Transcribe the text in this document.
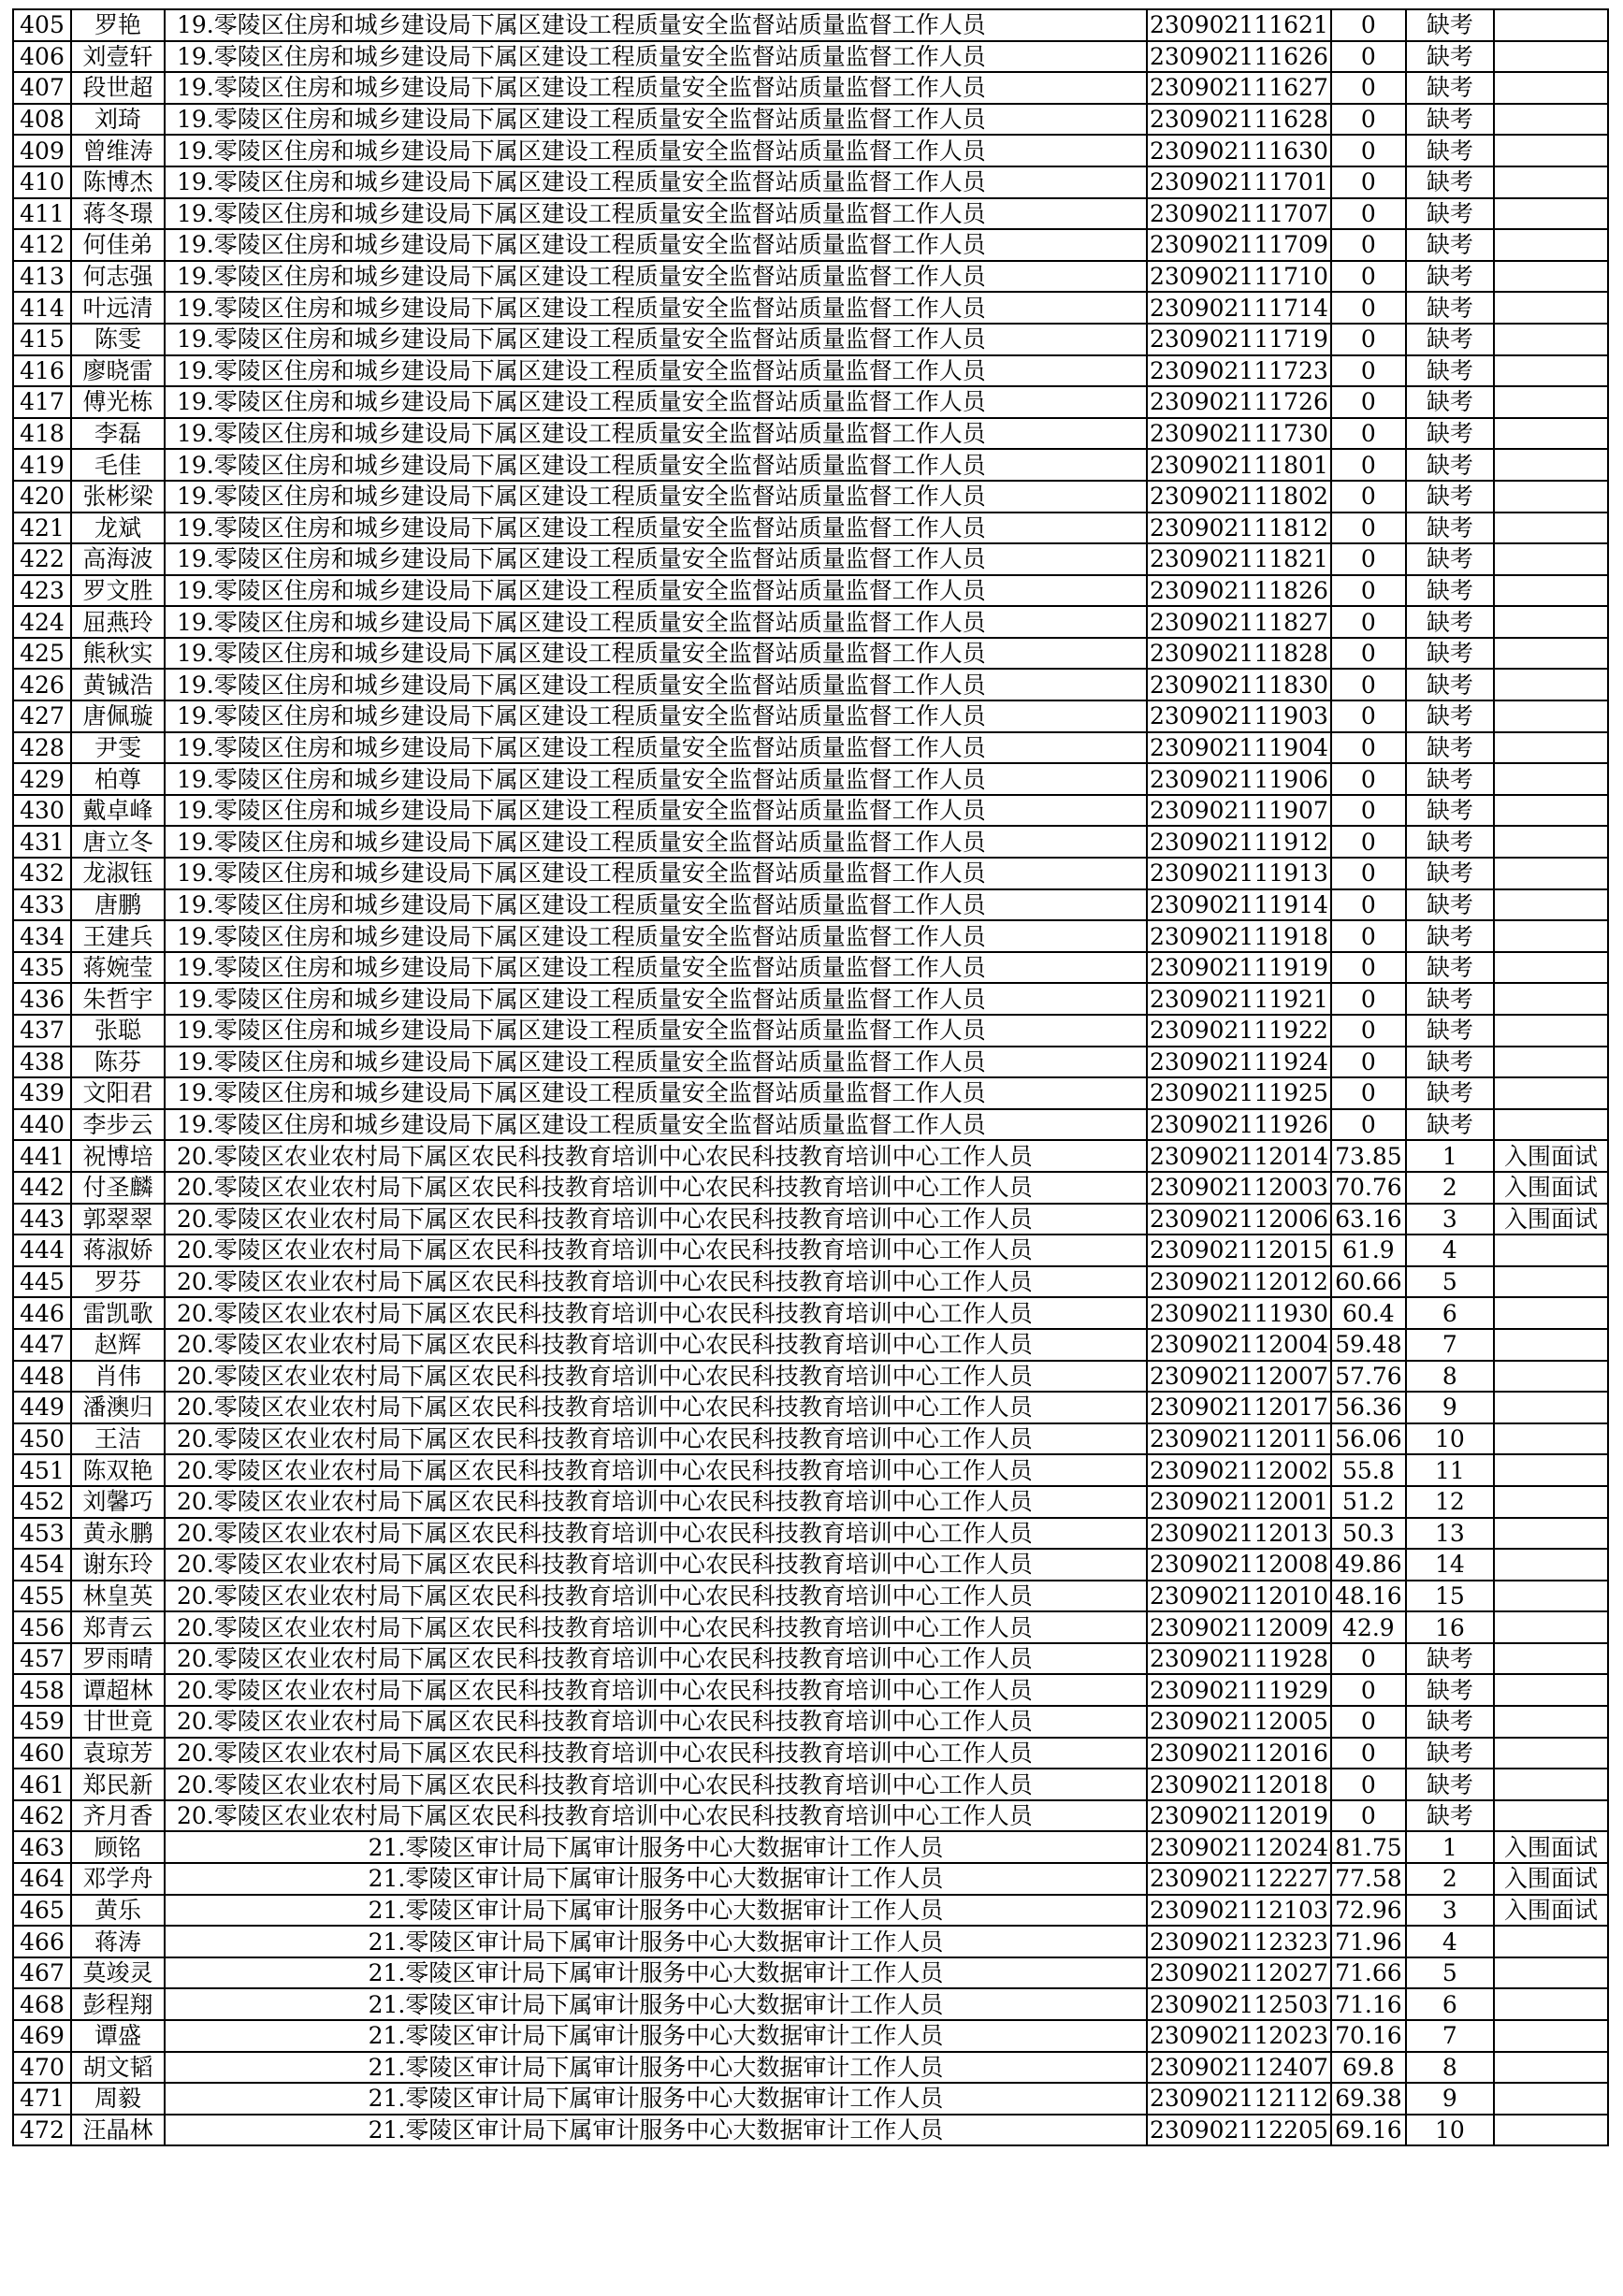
405	罗艳	19.零陵区住房和城乡建设局下属区建设工程质量安全监督站质量监督工作人员	230902111621	0	缺考	
406	刘壹轩	19.零陵区住房和城乡建设局下属区建设工程质量安全监督站质量监督工作人员	230902111626	0	缺考	
407	段世超	19.零陵区住房和城乡建设局下属区建设工程质量安全监督站质量监督工作人员	230902111627	0	缺考	
408	刘琦	19.零陵区住房和城乡建设局下属区建设工程质量安全监督站质量监督工作人员	230902111628	0	缺考	
409	曾维涛	19.零陵区住房和城乡建设局下属区建设工程质量安全监督站质量监督工作人员	230902111630	0	缺考	
410	陈博杰	19.零陵区住房和城乡建设局下属区建设工程质量安全监督站质量监督工作人员	230902111701	0	缺考	
411	蒋冬璟	19.零陵区住房和城乡建设局下属区建设工程质量安全监督站质量监督工作人员	230902111707	0	缺考	
412	何佳弟	19.零陵区住房和城乡建设局下属区建设工程质量安全监督站质量监督工作人员	230902111709	0	缺考	
413	何志强	19.零陵区住房和城乡建设局下属区建设工程质量安全监督站质量监督工作人员	230902111710	0	缺考	
414	叶远清	19.零陵区住房和城乡建设局下属区建设工程质量安全监督站质量监督工作人员	230902111714	0	缺考	
415	陈雯	19.零陵区住房和城乡建设局下属区建设工程质量安全监督站质量监督工作人员	230902111719	0	缺考	
416	廖晓雷	19.零陵区住房和城乡建设局下属区建设工程质量安全监督站质量监督工作人员	230902111723	0	缺考	
417	傅光栋	19.零陵区住房和城乡建设局下属区建设工程质量安全监督站质量监督工作人员	230902111726	0	缺考	
418	李磊	19.零陵区住房和城乡建设局下属区建设工程质量安全监督站质量监督工作人员	230902111730	0	缺考	
419	毛佳	19.零陵区住房和城乡建设局下属区建设工程质量安全监督站质量监督工作人员	230902111801	0	缺考	
420	张彬梁	19.零陵区住房和城乡建设局下属区建设工程质量安全监督站质量监督工作人员	230902111802	0	缺考	
421	龙斌	19.零陵区住房和城乡建设局下属区建设工程质量安全监督站质量监督工作人员	230902111812	0	缺考	
422	高海波	19.零陵区住房和城乡建设局下属区建设工程质量安全监督站质量监督工作人员	230902111821	0	缺考	
423	罗文胜	19.零陵区住房和城乡建设局下属区建设工程质量安全监督站质量监督工作人员	230902111826	0	缺考	
424	屈燕玲	19.零陵区住房和城乡建设局下属区建设工程质量安全监督站质量监督工作人员	230902111827	0	缺考	
425	熊秋实	19.零陵区住房和城乡建设局下属区建设工程质量安全监督站质量监督工作人员	230902111828	0	缺考	
426	黄铖浩	19.零陵区住房和城乡建设局下属区建设工程质量安全监督站质量监督工作人员	230902111830	0	缺考	
427	唐佩璇	19.零陵区住房和城乡建设局下属区建设工程质量安全监督站质量监督工作人员	230902111903	0	缺考	
428	尹雯	19.零陵区住房和城乡建设局下属区建设工程质量安全监督站质量监督工作人员	230902111904	0	缺考	
429	柏尊	19.零陵区住房和城乡建设局下属区建设工程质量安全监督站质量监督工作人员	230902111906	0	缺考	
430	戴卓峰	19.零陵区住房和城乡建设局下属区建设工程质量安全监督站质量监督工作人员	230902111907	0	缺考	
431	唐立冬	19.零陵区住房和城乡建设局下属区建设工程质量安全监督站质量监督工作人员	230902111912	0	缺考	
432	龙淑钰	19.零陵区住房和城乡建设局下属区建设工程质量安全监督站质量监督工作人员	230902111913	0	缺考	
433	唐鹏	19.零陵区住房和城乡建设局下属区建设工程质量安全监督站质量监督工作人员	230902111914	0	缺考	
434	王建兵	19.零陵区住房和城乡建设局下属区建设工程质量安全监督站质量监督工作人员	230902111918	0	缺考	
435	蒋婉莹	19.零陵区住房和城乡建设局下属区建设工程质量安全监督站质量监督工作人员	230902111919	0	缺考	
436	朱哲宇	19.零陵区住房和城乡建设局下属区建设工程质量安全监督站质量监督工作人员	230902111921	0	缺考	
437	张聪	19.零陵区住房和城乡建设局下属区建设工程质量安全监督站质量监督工作人员	230902111922	0	缺考	
438	陈芬	19.零陵区住房和城乡建设局下属区建设工程质量安全监督站质量监督工作人员	230902111924	0	缺考	
439	文阳君	19.零陵区住房和城乡建设局下属区建设工程质量安全监督站质量监督工作人员	230902111925	0	缺考	
440	李步云	19.零陵区住房和城乡建设局下属区建设工程质量安全监督站质量监督工作人员	230902111926	0	缺考	
441	祝博培	20.零陵区农业农村局下属区农民科技教育培训中心农民科技教育培训中心工作人员	230902112014	73.85	1	入围面试
442	付圣麟	20.零陵区农业农村局下属区农民科技教育培训中心农民科技教育培训中心工作人员	230902112003	70.76	2	入围面试
443	郭翠翠	20.零陵区农业农村局下属区农民科技教育培训中心农民科技教育培训中心工作人员	230902112006	63.16	3	入围面试
444	蒋淑娇	20.零陵区农业农村局下属区农民科技教育培训中心农民科技教育培训中心工作人员	230902112015	61.9	4	
445	罗芬	20.零陵区农业农村局下属区农民科技教育培训中心农民科技教育培训中心工作人员	230902112012	60.66	5	
446	雷凯歌	20.零陵区农业农村局下属区农民科技教育培训中心农民科技教育培训中心工作人员	230902111930	60.4	6	
447	赵辉	20.零陵区农业农村局下属区农民科技教育培训中心农民科技教育培训中心工作人员	230902112004	59.48	7	
448	肖伟	20.零陵区农业农村局下属区农民科技教育培训中心农民科技教育培训中心工作人员	230902112007	57.76	8	
449	潘澳归	20.零陵区农业农村局下属区农民科技教育培训中心农民科技教育培训中心工作人员	230902112017	56.36	9	
450	王洁	20.零陵区农业农村局下属区农民科技教育培训中心农民科技教育培训中心工作人员	230902112011	56.06	10	
451	陈双艳	20.零陵区农业农村局下属区农民科技教育培训中心农民科技教育培训中心工作人员	230902112002	55.8	11	
452	刘馨巧	20.零陵区农业农村局下属区农民科技教育培训中心农民科技教育培训中心工作人员	230902112001	51.2	12	
453	黄永鹏	20.零陵区农业农村局下属区农民科技教育培训中心农民科技教育培训中心工作人员	230902112013	50.3	13	
454	谢东玲	20.零陵区农业农村局下属区农民科技教育培训中心农民科技教育培训中心工作人员	230902112008	49.86	14	
455	林皇英	20.零陵区农业农村局下属区农民科技教育培训中心农民科技教育培训中心工作人员	230902112010	48.16	15	
456	郑青云	20.零陵区农业农村局下属区农民科技教育培训中心农民科技教育培训中心工作人员	230902112009	42.9	16	
457	罗雨晴	20.零陵区农业农村局下属区农民科技教育培训中心农民科技教育培训中心工作人员	230902111928	0	缺考	
458	谭超林	20.零陵区农业农村局下属区农民科技教育培训中心农民科技教育培训中心工作人员	230902111929	0	缺考	
459	甘世竟	20.零陵区农业农村局下属区农民科技教育培训中心农民科技教育培训中心工作人员	230902112005	0	缺考	
460	袁琼芳	20.零陵区农业农村局下属区农民科技教育培训中心农民科技教育培训中心工作人员	230902112016	0	缺考	
461	郑民新	20.零陵区农业农村局下属区农民科技教育培训中心农民科技教育培训中心工作人员	230902112018	0	缺考	
462	齐月香	20.零陵区农业农村局下属区农民科技教育培训中心农民科技教育培训中心工作人员	230902112019	0	缺考	
463	顾铭	21.零陵区审计局下属审计服务中心大数据审计工作人员	230902112024	81.75	1	入围面试
464	邓学舟	21.零陵区审计局下属审计服务中心大数据审计工作人员	230902112227	77.58	2	入围面试
465	黄乐	21.零陵区审计局下属审计服务中心大数据审计工作人员	230902112103	72.96	3	入围面试
466	蒋涛	21.零陵区审计局下属审计服务中心大数据审计工作人员	230902112323	71.96	4	
467	莫竣灵	21.零陵区审计局下属审计服务中心大数据审计工作人员	230902112027	71.66	5	
468	彭程翔	21.零陵区审计局下属审计服务中心大数据审计工作人员	230902112503	71.16	6	
469	谭盛	21.零陵区审计局下属审计服务中心大数据审计工作人员	230902112023	70.16	7	
470	胡文韬	21.零陵区审计局下属审计服务中心大数据审计工作人员	230902112407	69.8	8	
471	周毅	21.零陵区审计局下属审计服务中心大数据审计工作人员	230902112112	69.38	9	
472	汪晶林	21.零陵区审计局下属审计服务中心大数据审计工作人员	230902112205	69.16	10	
